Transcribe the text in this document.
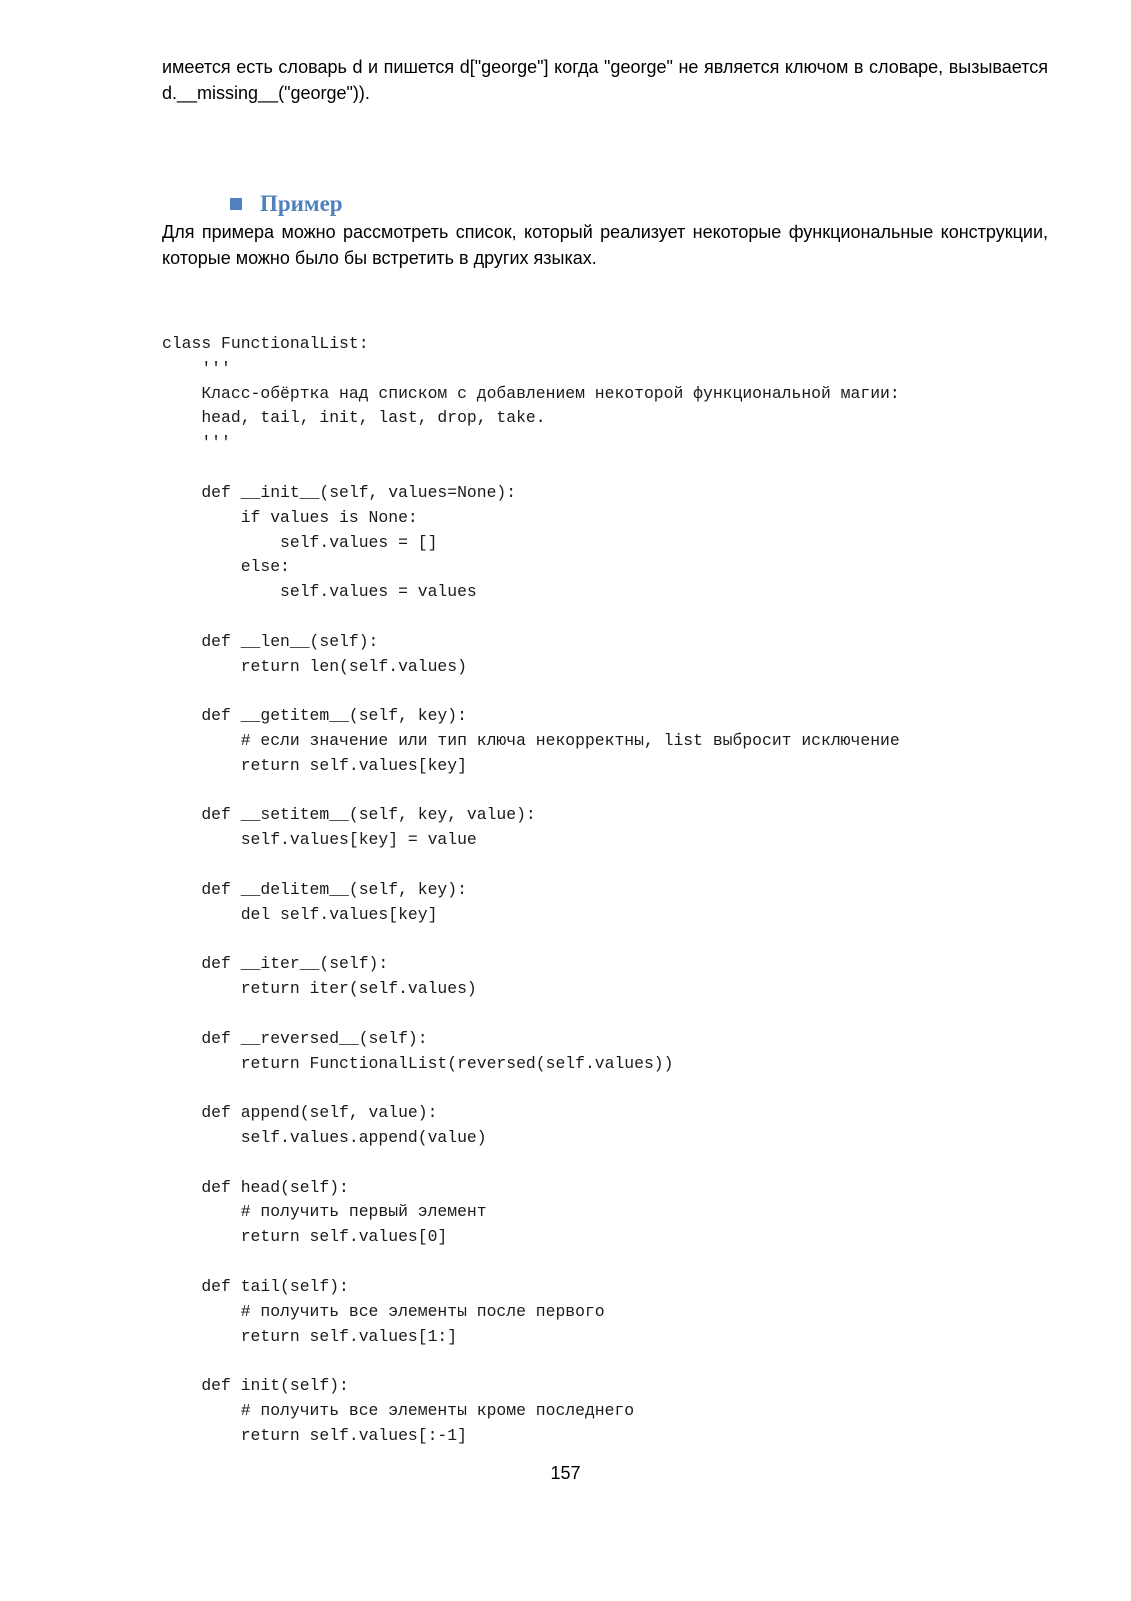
имеется есть словарь d и пишется d["george"] когда "george" не является ключом в словаре, вызывается d.__missing__("george")).

Пример

Для примера можно рассмотреть список, который реализует некоторые функциональные конструкции, которые можно было бы встретить в других языках.

class FunctionalList:
'''
Класс-обёртка над списком с добавлением некоторой функциональной магии:
head, tail, init, last, drop, take.
'''

def __init__(self, values=None):
if values is None:
self.values = []
else:
self.values = values

def __len__(self):
return len(self.values)

def __getitem__(self, key):
# если значение или тип ключа некорректны, list выбросит исключение
return self.values[key]

def __setitem__(self, key, value):
self.values[key] = value

def __delitem__(self, key):
del self.values[key]

def __iter__(self):
return iter(self.values)

def __reversed__(self):
return FunctionalList(reversed(self.values))

def append(self, value):
self.values.append(value)

def head(self):
# получить первый элемент
return self.values[0]

def tail(self):
# получить все элементы после первого
return self.values[1:]

def init(self):
# получить все элементы кроме последнего
return self.values[:-1]

157
